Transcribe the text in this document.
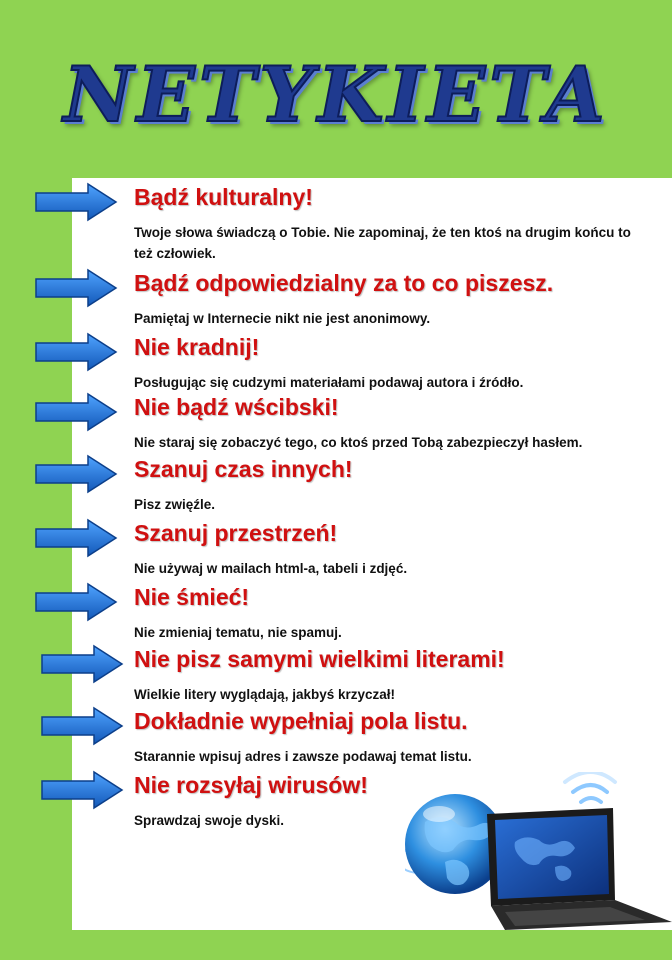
NETYKIETA
Bądź kulturalny!
Twoje słowa świadczą o Tobie. Nie zapominaj, że ten ktoś na drugim końcu to też człowiek.
Bądź odpowiedzialny za to co piszesz.
Pamiętaj w Internecie nikt nie jest anonimowy.
Nie kradnij!
Posługując się cudzymi materiałami podawaj autora i źródło.
Nie bądź wścibski!
Nie staraj się zobaczyć tego, co ktoś przed Tobą zabezpieczył hasłem.
Szanuj czas innych!
Pisz zwięźle.
Szanuj przestrzeń!
Nie używaj w mailach html-a, tabeli i zdjęć.
Nie śmieć!
Nie zmieniaj tematu, nie spamuj.
Nie pisz samymi wielkimi literami!
Wielkie litery wyglądają, jakbyś krzyczał!
Dokładnie wypełniaj pola listu.
Starannie wpisuj adres i zawsze podawaj temat listu.
Nie rozsyłaj wirusów!
Sprawdzaj swoje dyski.
